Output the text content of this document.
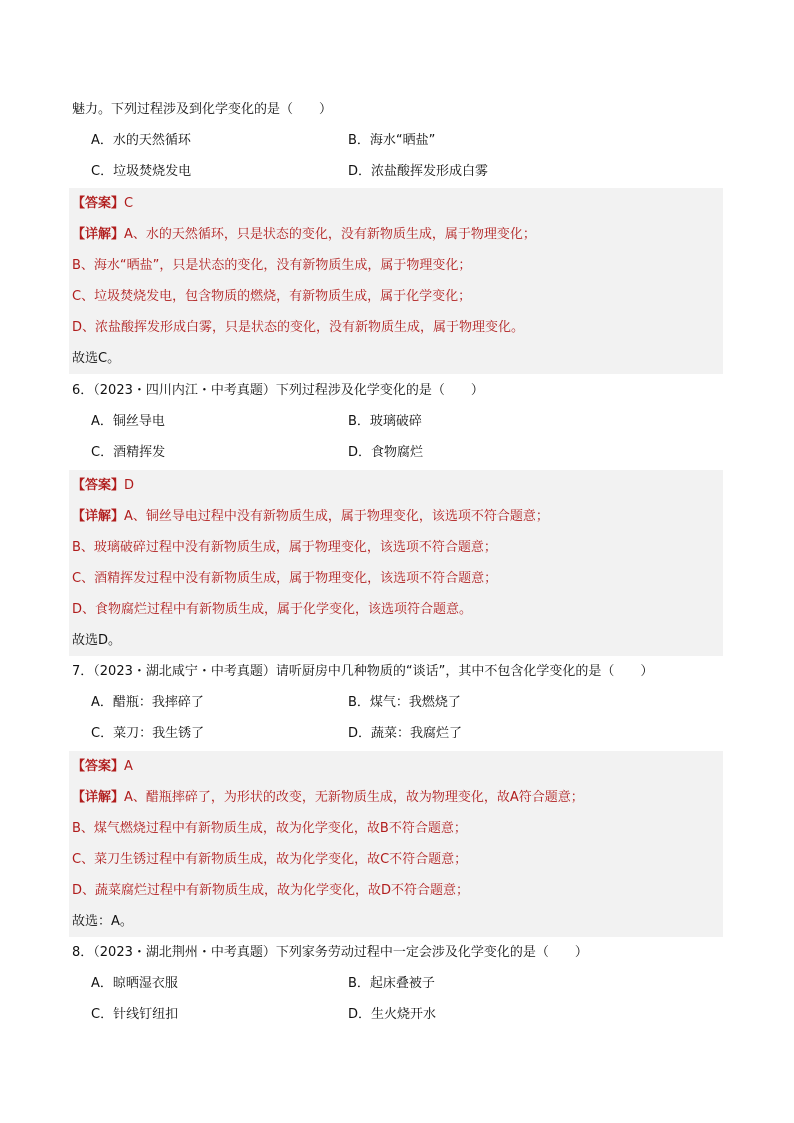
魅力。下列过程涉及到化学变化的是（　　）
A．水的天然循环	B．海水“晒盐”
C．垃圾焚烧发电	D．浓盐酸挥发形成白雾
【答案】C
【详解】A、水的天然循环，只是状态的变化，没有新物质生成，属于物理变化；
B、海水“晒盐”，只是状态的变化，没有新物质生成，属于物理变化；
C、垃圾焚烧发电，包含物质的燃烧，有新物质生成，属于化学变化；
D、浓盐酸挥发形成白雾，只是状态的变化，没有新物质生成，属于物理变化。
故选C。
6．（2023・四川内江・中考真题）下列过程涉及化学变化的是（　　）
A．铜丝导电	B．玻璃破碎
C．酒精挥发	D．食物腐烂
【答案】D
【详解】A、铜丝导电过程中没有新物质生成，属于物理变化，该选项不符合题意；
B、玻璃破碎过程中没有新物质生成，属于物理变化，该选项不符合题意；
C、酒精挥发过程中没有新物质生成，属于物理变化，该选项不符合题意；
D、食物腐烂过程中有新物质生成，属于化学变化，该选项符合题意。
故选D。
7．（2023・湖北咸宁・中考真题）请听厨房中几种物质的“谈话”，其中不包含化学变化的是（　　）
A．醋瓶：我摔碎了	B．煤气：我燃烧了
C．菜刀：我生锈了	D．蔬菜：我腐烂了
【答案】A
【详解】A、醋瓶摔碎了，为形状的改变，无新物质生成，故为物理变化，故A符合题意；
B、煤气燃烧过程中有新物质生成，故为化学变化，故B不符合题意；
C、菜刀生锈过程中有新物质生成，故为化学变化，故C不符合题意；
D、蔬菜腐烂过程中有新物质生成，故为化学变化，故D不符合题意；
故选：A。
8．（2023・湖北荆州・中考真题）下列家务劳动过程中一定会涉及化学变化的是（　　）
A．晾晒湿衣服	B．起床叠被子
C．针线钉纽扣	D．生火烧开水
